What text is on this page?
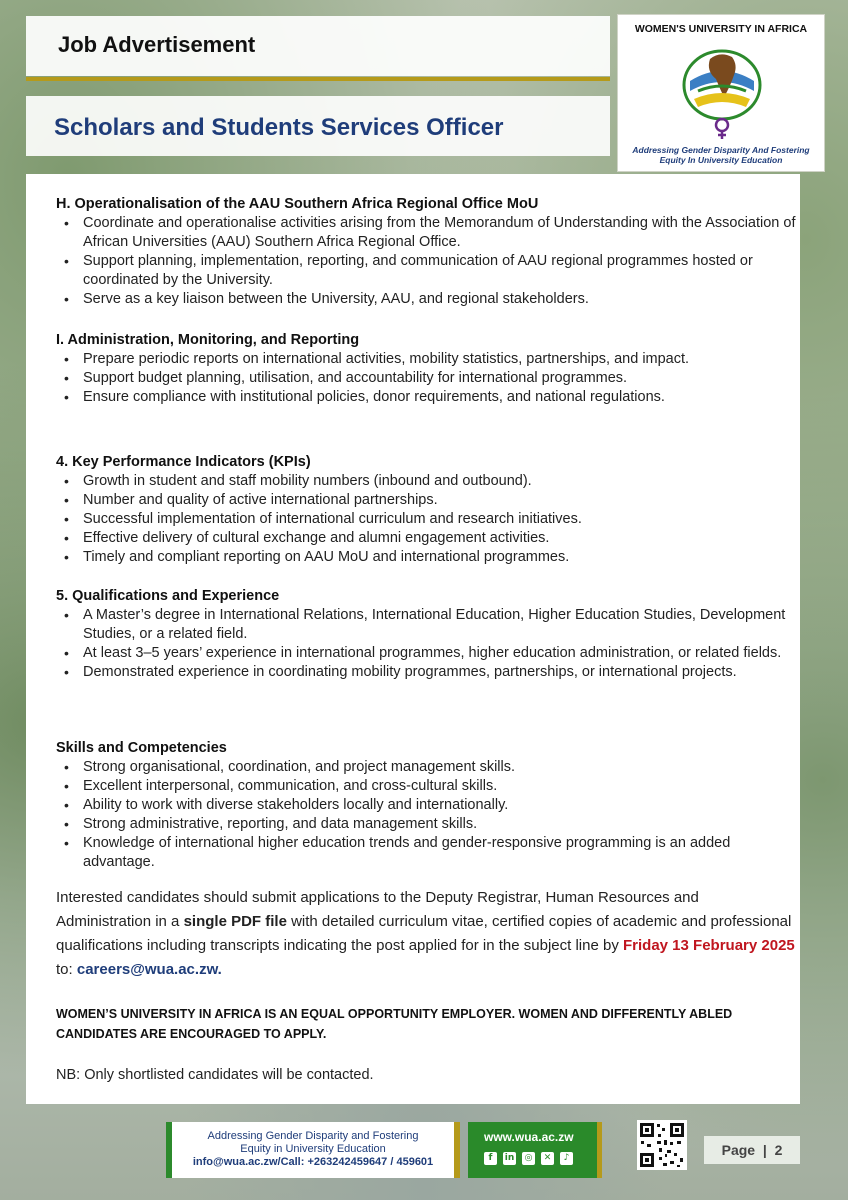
Job Advertisement
Scholars and Students Services Officer
WOMEN'S UNIVERSITY IN AFRICA
Addressing Gender Disparity And Fostering
Equity In University Education
H. Operationalisation of the AAU Southern Africa Regional Office MoU
• Coordinate and operationalise activities arising from the Memorandum of Understanding with the Association of African Universities (AAU) Southern Africa Regional Office.
• Support planning, implementation, reporting, and communication of AAU regional programmes hosted or coordinated by the University.
• Serve as a key liaison between the University, AAU, and regional stakeholders.
I. Administration, Monitoring, and Reporting
• Prepare periodic reports on international activities, mobility statistics, partnerships, and impact.
• Support budget planning, utilisation, and accountability for international programmes.
• Ensure compliance with institutional policies, donor requirements, and national regulations.
4. Key Performance Indicators (KPIs)
• Growth in student and staff mobility numbers (inbound and outbound).
• Number and quality of active international partnerships.
• Successful implementation of international curriculum and research initiatives.
• Effective delivery of cultural exchange and alumni engagement activities.
• Timely and compliant reporting on AAU MoU and international programmes.
5. Qualifications and Experience
• A Master’s degree in International Relations, International Education, Higher Education Studies, Development Studies, or a related field.
• At least 3–5 years’ experience in international programmes, higher education administration, or related fields.
• Demonstrated experience in coordinating mobility programmes, partnerships, or international projects.
Skills and Competencies
• Strong organisational, coordination, and project management skills.
• Excellent interpersonal, communication, and cross-cultural skills.
• Ability to work with diverse stakeholders locally and internationally.
• Strong administrative, reporting, and data management skills.
• Knowledge of international higher education trends and gender-responsive programming is an added advantage.
Interested candidates should submit applications to the Deputy Registrar, Human Resources and Administration in a single PDF file with detailed curriculum vitae, certified copies of academic and professional qualifications including transcripts indicating the post applied for in the subject line by Friday 13 February 2025 to: careers@wua.ac.zw.
WOMEN’S UNIVERSITY IN AFRICA IS AN EQUAL OPPORTUNITY EMPLOYER. WOMEN AND DIFFERENTLY ABLED CANDIDATES ARE ENCOURAGED TO APPLY.
NB: Only shortlisted candidates will be contacted.
Addressing Gender Disparity and Fostering
Equity in University Education
info@wua.ac.zw/Call: +263242459647 / 459601
www.wua.ac.zw
f	in ◎	✕	♪	Page | 2
